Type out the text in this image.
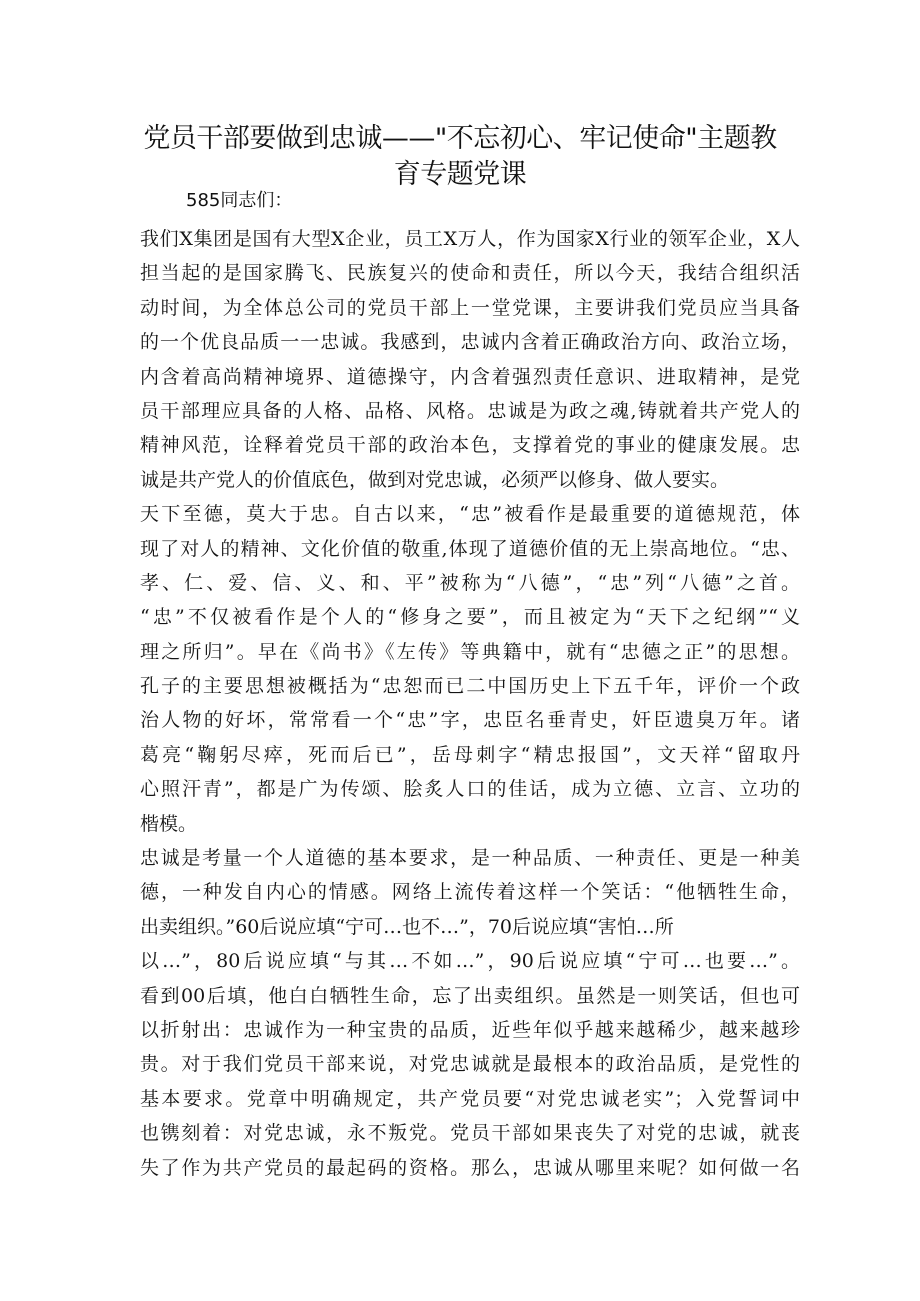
党员干部要做到忠诚——"不忘初心、牢记使命"主题教
育专题党课
585同志们：
我们X集团是国有大型X企业，员工X万人，作为国家X行业的领军企业，X人
担当起的是国家腾飞、民族复兴的使命和责任，所以今天，我结合组织活
动时间，为全体总公司的党员干部上一堂党课，主要讲我们党员应当具备
的一个优良品质一一忠诚。我感到，忠诚内含着正确政治方向、政治立场，
内含着高尚精神境界、道德操守，内含着强烈责任意识、进取精神，是党
员干部理应具备的人格、品格、风格。忠诚是为政之魂,铸就着共产党人的
精神风范，诠释着党员干部的政治本色，支撑着党的事业的健康发展。忠
诚是共产党人的价值底色，做到对党忠诚，必须严以修身、做人要实。
天下至德，莫大于忠。自古以来，“忠”被看作是最重要的道德规范，体
现了对人的精神、文化价值的敬重,体现了道德价值的无上崇高地位。“忠、
孝、仁、爱、信、义、和、平”被称为“八德”，“忠”列“八德”之首。
“忠”不仅被看作是个人的“修身之要”，而且被定为“天下之纪纲”“义
理之所归”。早在《尚书》《左传》等典籍中，就有“忠德之正”的思想。
孔子的主要思想被概括为“忠恕而已二中国历史上下五千年，评价一个政
治人物的好坏，常常看一个“忠”字，忠臣名垂青史，奸臣遗臭万年。诸
葛亮“鞠躬尽瘁，死而后已”，岳母刺字“精忠报国”，文天祥“留取丹
心照汗青”，都是广为传颂、脍炙人口的佳话，成为立德、立言、立功的
楷模。
忠诚是考量一个人道德的基本要求，是一种品质、一种责任、更是一种美
德，一种发自内心的情感。网络上流传着这样一个笑话：“他牺牲生命，
出卖组织。”60后说应填“宁可…也不…”，70后说应填“害怕…所
以…”，80后说应填“与其…不如…”，90后说应填“宁可…也要…”。
看到00后填，他白白牺牲生命，忘了出卖组织。虽然是一则笑话，但也可
以折射出：忠诚作为一种宝贵的品质，近些年似乎越来越稀少，越来越珍
贵。对于我们党员干部来说，对党忠诚就是最根本的政治品质，是党性的
基本要求。党章中明确规定，共产党员要“对党忠诚老实”；入党誓词中
也镌刻着：对党忠诚，永不叛党。党员干部如果丧失了对党的忠诚，就丧
失了作为共产党员的最起码的资格。那么，忠诚从哪里来呢？如何做一名
